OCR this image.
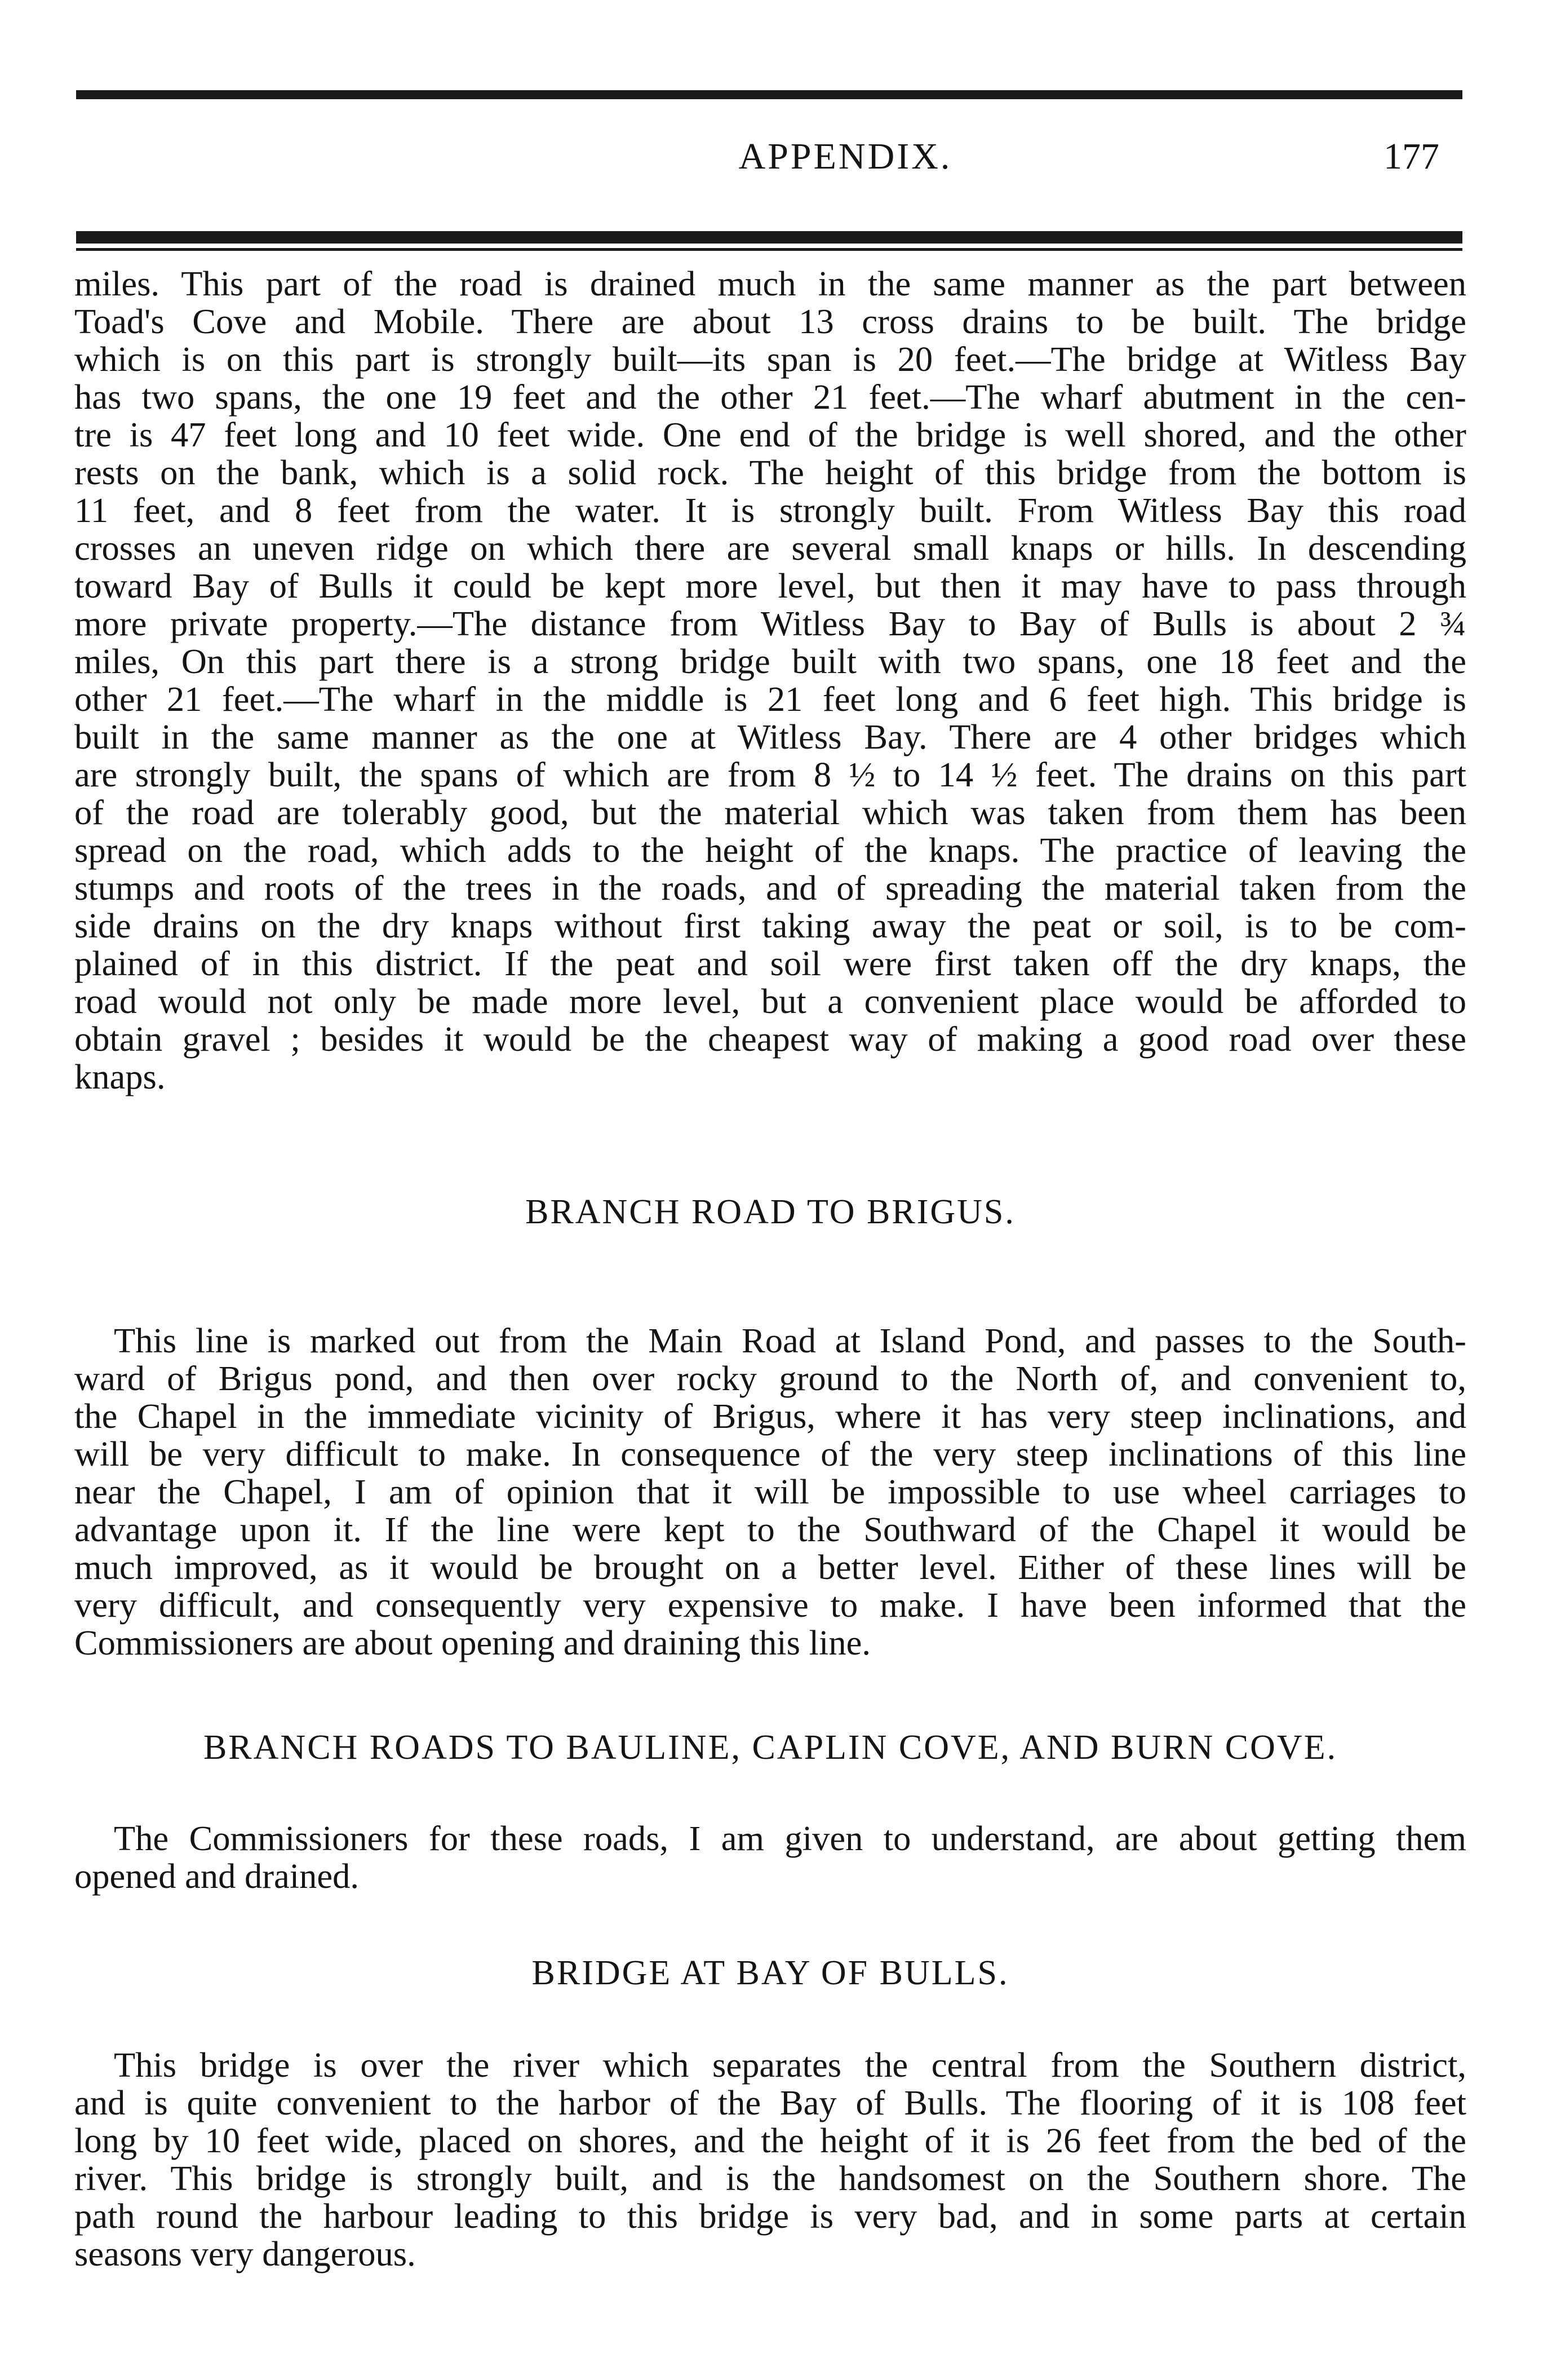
APPENDIX.	177
miles. This part of the road is drained much in the same manner as the part between
Toad's Cove and Mobile. There are about 13 cross drains to be built. The bridge
which is on this part is strongly built—its span is 20 feet.—The bridge at Witless Bay
has two spans, the one 19 feet and the other 21 feet.—The wharf abutment in the cen-
tre is 47 feet long and 10 feet wide. One end of the bridge is well shored, and the other
rests on the bank, which is a solid rock. The height of this bridge from the bottom is
11 feet, and 8 feet from the water. It is strongly built. From Witless Bay this road
crosses an uneven ridge on which there are several small knaps or hills. In descending
toward Bay of Bulls it could be kept more level, but then it may have to pass through
more private property.—The distance from Witless Bay to Bay of Bulls is about 2 ¾
miles, On this part there is a strong bridge built with two spans, one 18 feet and the
other 21 feet.—The wharf in the middle is 21 feet long and 6 feet high. This bridge is
built in the same manner as the one at Witless Bay. There are 4 other bridges which
are strongly built, the spans of which are from 8 ½ to 14 ½ feet. The drains on this part
of the road are tolerably good, but the material which was taken from them has been
spread on the road, which adds to the height of the knaps. The practice of leaving the
stumps and roots of the trees in the roads, and of spreading the material taken from the
side drains on the dry knaps without first taking away the peat or soil, is to be com-
plained of in this district. If the peat and soil were first taken off the dry knaps, the
road would not only be made more level, but a convenient place would be afforded to
obtain gravel ; besides it would be the cheapest way of making a good road over these
knaps.
BRANCH ROAD TO BRIGUS.
This line is marked out from the Main Road at Island Pond, and passes to the South-
ward of Brigus pond, and then over rocky ground to the North of, and convenient to,
the Chapel in the immediate vicinity of Brigus, where it has very steep inclinations, and
will be very difficult to make. In consequence of the very steep inclinations of this line
near the Chapel, I am of opinion that it will be impossible to use wheel carriages to
advantage upon it. If the line were kept to the Southward of the Chapel it would be
much improved, as it would be brought on a better level. Either of these lines will be
very difficult, and consequently very expensive to make. I have been informed that the
Commissioners are about opening and draining this line.
BRANCH ROADS TO BAULINE, CAPLIN COVE, AND BURN COVE.
The Commissioners for these roads, I am given to understand, are about getting them
opened and drained.
BRIDGE AT BAY OF BULLS.
This bridge is over the river which separates the central from the Southern district,
and is quite convenient to the harbor of the Bay of Bulls. The flooring of it is 108 feet
long by 10 feet wide, placed on shores, and the height of it is 26 feet from the bed of the
river. This bridge is strongly built, and is the handsomest on the Southern shore. The
path round the harbour leading to this bridge is very bad, and in some parts at certain
seasons very dangerous.
